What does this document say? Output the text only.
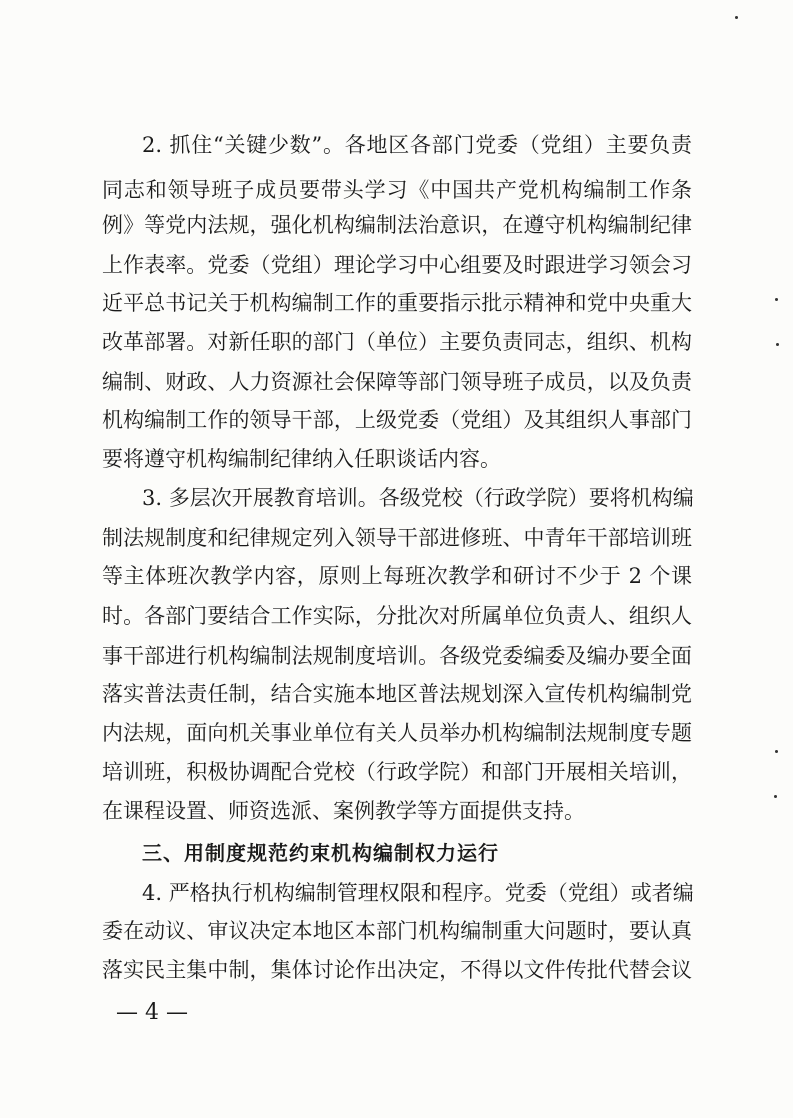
2. 抓住“关键少数”。各地区各部门党委（党组）主要负责
同志和领导班子成员要带头学习《中国共产党机构编制工作条
例》等党内法规，强化机构编制法治意识，在遵守机构编制纪律
上作表率。党委（党组）理论学习中心组要及时跟进学习领会习
近平总书记关于机构编制工作的重要指示批示精神和党中央重大
改革部署。对新任职的部门（单位）主要负责同志，组织、机构
编制、财政、人力资源社会保障等部门领导班子成员，以及负责
机构编制工作的领导干部，上级党委（党组）及其组织人事部门
要将遵守机构编制纪律纳入任职谈话内容。
3. 多层次开展教育培训。各级党校（行政学院）要将机构编
制法规制度和纪律规定列入领导干部进修班、中青年干部培训班
等主体班次教学内容，原则上每班次教学和研讨不少于 2 个课
时。各部门要结合工作实际，分批次对所属单位负责人、组织人
事干部进行机构编制法规制度培训。各级党委编委及编办要全面
落实普法责任制，结合实施本地区普法规划深入宣传机构编制党
内法规，面向机关事业单位有关人员举办机构编制法规制度专题
培训班，积极协调配合党校（行政学院）和部门开展相关培训，
在课程设置、师资选派、案例教学等方面提供支持。
三、用制度规范约束机构编制权力运行
4. 严格执行机构编制管理权限和程序。党委（党组）或者编
委在动议、审议决定本地区本部门机构编制重大问题时，要认真
落实民主集中制，集体讨论作出决定，不得以文件传批代替会议
— 4 —
